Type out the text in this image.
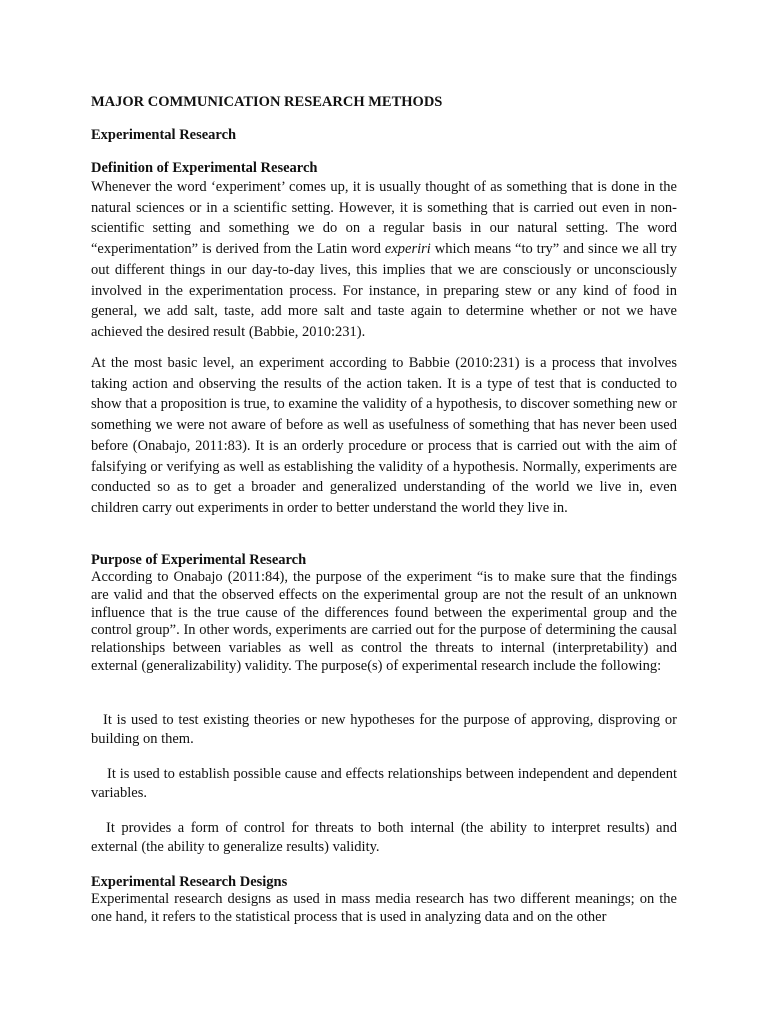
MAJOR COMMUNICATION RESEARCH METHODS
Experimental Research
Definition of Experimental Research

Whenever the word ‘experiment’ comes up, it is usually thought of as something that is done in the natural sciences or in a scientific setting. However, it is something that is carried out even in non-scientific setting and something we do on a regular basis in our natural setting. The word “experimentation” is derived from the Latin word experiri which means “to try” and since we all try out different things in our day-to-day lives, this implies that we are consciously or unconsciously involved in the experimentation process. For instance, in preparing stew or any kind of food in general, we add salt, taste, add more salt and taste again to determine whether or not we have achieved the desired result (Babbie, 2010:231).

At the most basic level, an experiment according to Babbie (2010:231) is a process that involves taking action and observing the results of the action taken. It is a type of test that is conducted to show that a proposition is true, to examine the validity of a hypothesis, to discover something new or something we were not aware of before as well as usefulness of something that has never been used before (Onabajo, 2011:83). It is an orderly procedure or process that is carried out with the aim of falsifying or verifying as well as establishing the validity of a hypothesis. Normally, experiments are conducted so as to get a broader and generalized understanding of the world we live in, even children carry out experiments in order to better understand the world they live in.

Purpose of Experimental Research

According to Onabajo (2011:84), the purpose of the experiment “is to make sure that the findings are valid and that the observed effects on the experimental group are not the result of an unknown influence that is the true cause of the differences found between the experimental group and the control group”. In other words, experiments are carried out for the purpose of determining the causal relationships between variables as well as control the threats to internal (interpretability) and external (generalizability) validity. The purpose(s) of experimental research include the following:

It is used to test existing theories or new hypotheses for the purpose of approving, disproving or building on them.

It is used to establish possible cause and effects relationships between independent and dependent variables.

It provides a form of control for threats to both internal (the ability to interpret results) and external (the ability to generalize results) validity.

Experimental Research Designs

Experimental research designs as used in mass media research has two different meanings; on the one hand, it refers to the statistical process that is used in analyzing data and on the other
